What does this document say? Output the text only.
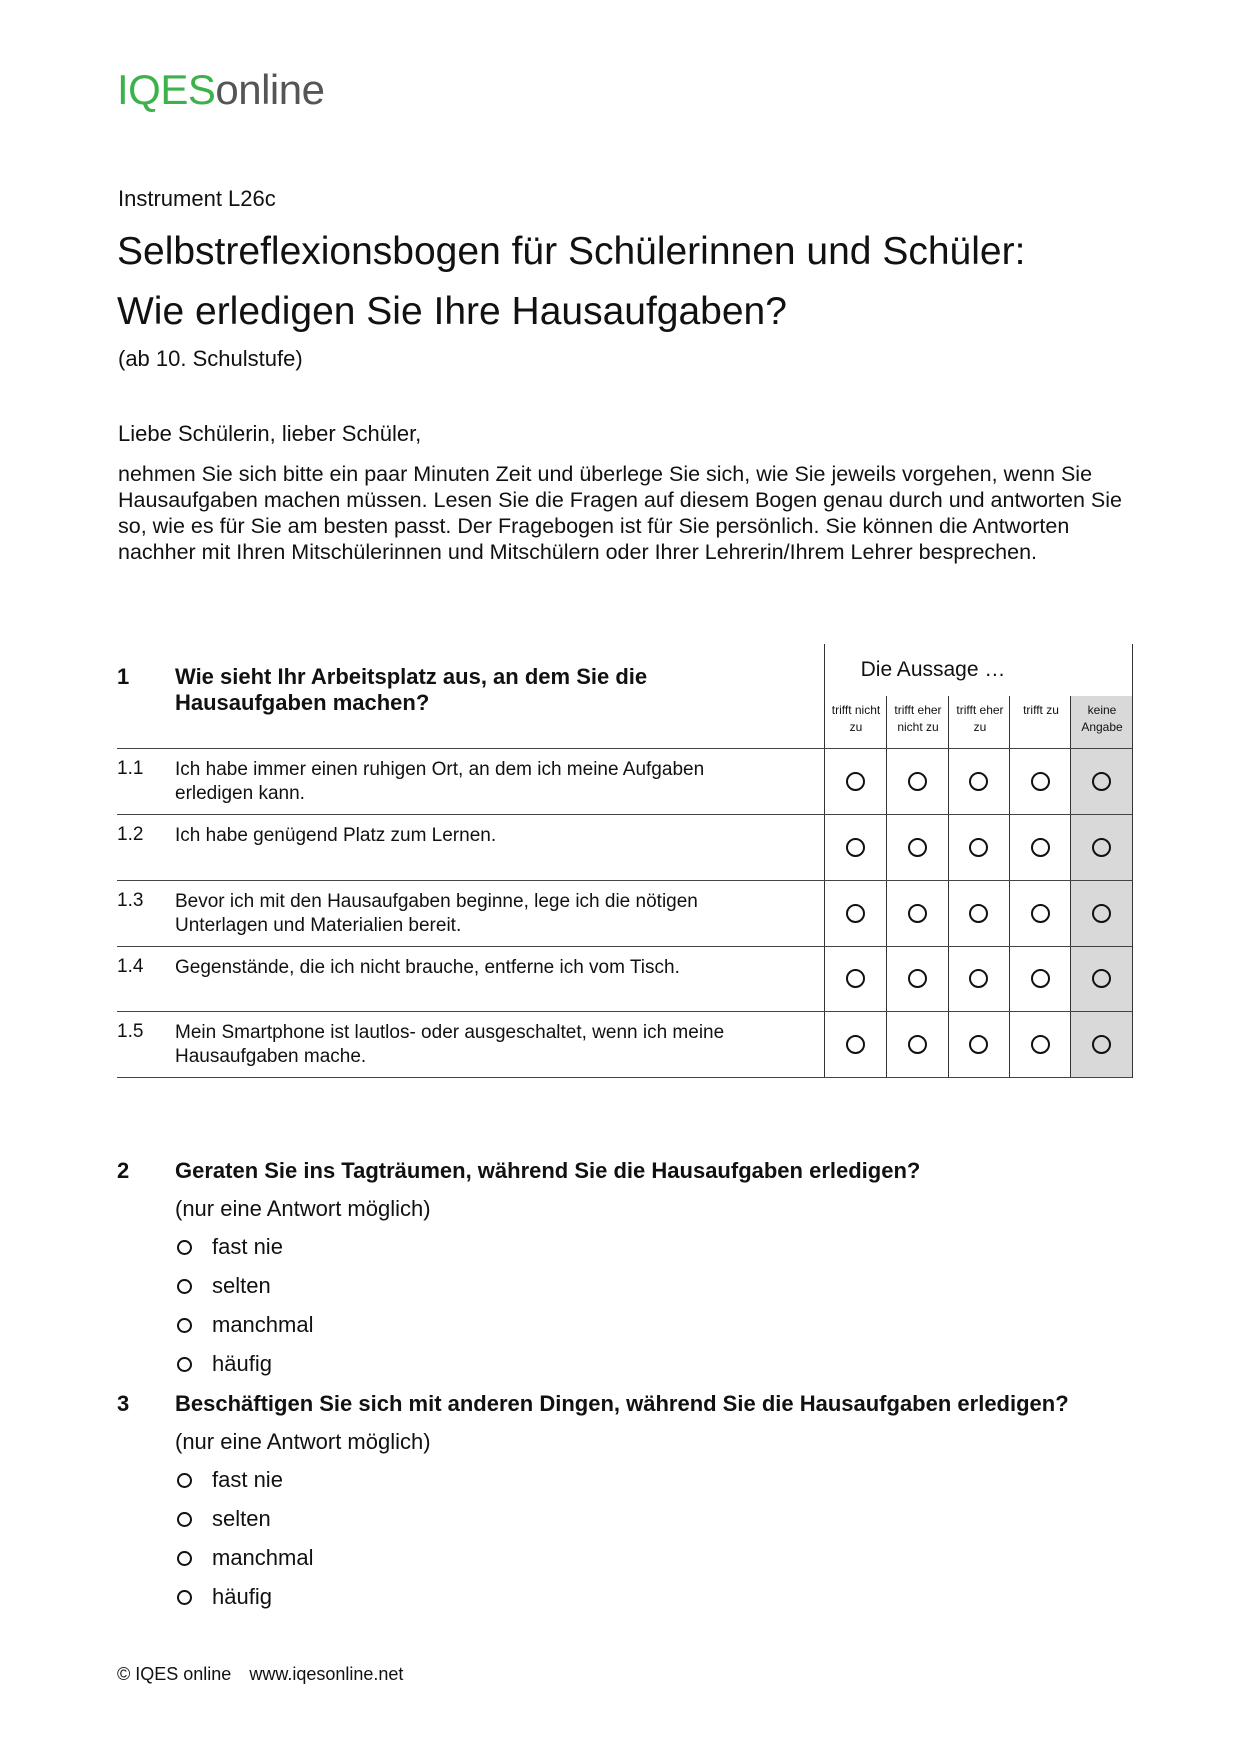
IQESonline
Instrument L26c
Selbstreflexionsbogen für Schülerinnen und Schüler:
Wie erledigen Sie Ihre Hausaufgaben?
(ab 10. Schulstufe)
Liebe Schülerin, lieber Schüler,
nehmen Sie sich bitte ein paar Minuten Zeit und überlege Sie sich, wie Sie jeweils vorgehen, wenn Sie Hausaufgaben machen müssen. Lesen Sie die Fragen auf diesem Bogen genau durch und antworten Sie so, wie es für Sie am besten passt. Der Fragebogen ist für Sie persönlich. Sie können die Antworten nachher mit Ihren Mitschülerinnen und Mitschülern oder Ihrer Lehrerin/Ihrem Lehrer besprechen.
1 Wie sieht Ihr Arbeitsplatz aus, an dem Sie die Hausaufgaben machen?
Die Aussage …
trifft nicht zu
trifft eher nicht zu
trifft eher zu
trifft zu	keine Angabe
1.1 Ich habe immer einen ruhigen Ort, an dem ich meine Aufgaben erledigen kann.
1.2 Ich habe genügend Platz zum Lernen.
1.3 Bevor ich mit den Hausaufgaben beginne, lege ich die nötigen Unterlagen und Materialien bereit.
1.4 Gegenstände, die ich nicht brauche, entferne ich vom Tisch.
1.5 Mein Smartphone ist lautlos- oder ausgeschaltet, wenn ich meine Hausaufgaben mache.
2 Geraten Sie ins Tagträumen, während Sie die Hausaufgaben erledigen?
(nur eine Antwort möglich)
fast nie
selten
manchmal
häufig
3 Beschäftigen Sie sich mit anderen Dingen, während Sie die Hausaufgaben erledigen?
(nur eine Antwort möglich)
fast nie
selten
manchmal
häufig
© IQES online www.iqesonline.net
